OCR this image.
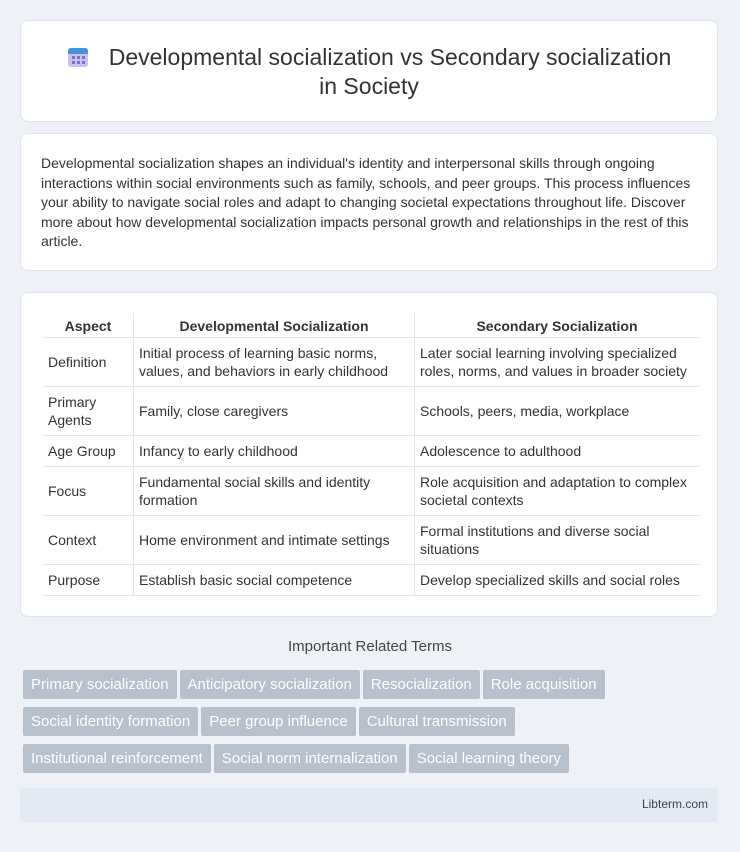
Developmental socialization vs Secondary socialization
in Society

Developmental socialization shapes an individual's identity and interpersonal skills through ongoing interactions within social environments such as family, schools, and peer groups. This process influences your ability to navigate social roles and adapt to changing societal expectations throughout life. Discover more about how developmental socialization impacts personal growth and relationships in the rest of this article.

Aspect	Developmental Socialization	Secondary Socialization
Definition	Initial process of learning basic norms, values, and behaviors in early childhood	Later social learning involving specialized roles, norms, and values in broader society
Primary Agents	Family, close caregivers	Schools, peers, media, workplace
Age Group	Infancy to early childhood	Adolescence to adulthood
Focus	Fundamental social skills and identity formation	Role acquisition and adaptation to complex societal contexts
Context	Home environment and intimate settings	Formal institutions and diverse social situations
Purpose	Establish basic social competence	Develop specialized skills and social roles
Important Related Terms
Primary socialization Anticipatory socialization Resocialization Role acquisition
Social identity formation Peer group influence Cultural transmission
Institutional reinforcement Social norm internalization Social learning theory
Libterm.com
